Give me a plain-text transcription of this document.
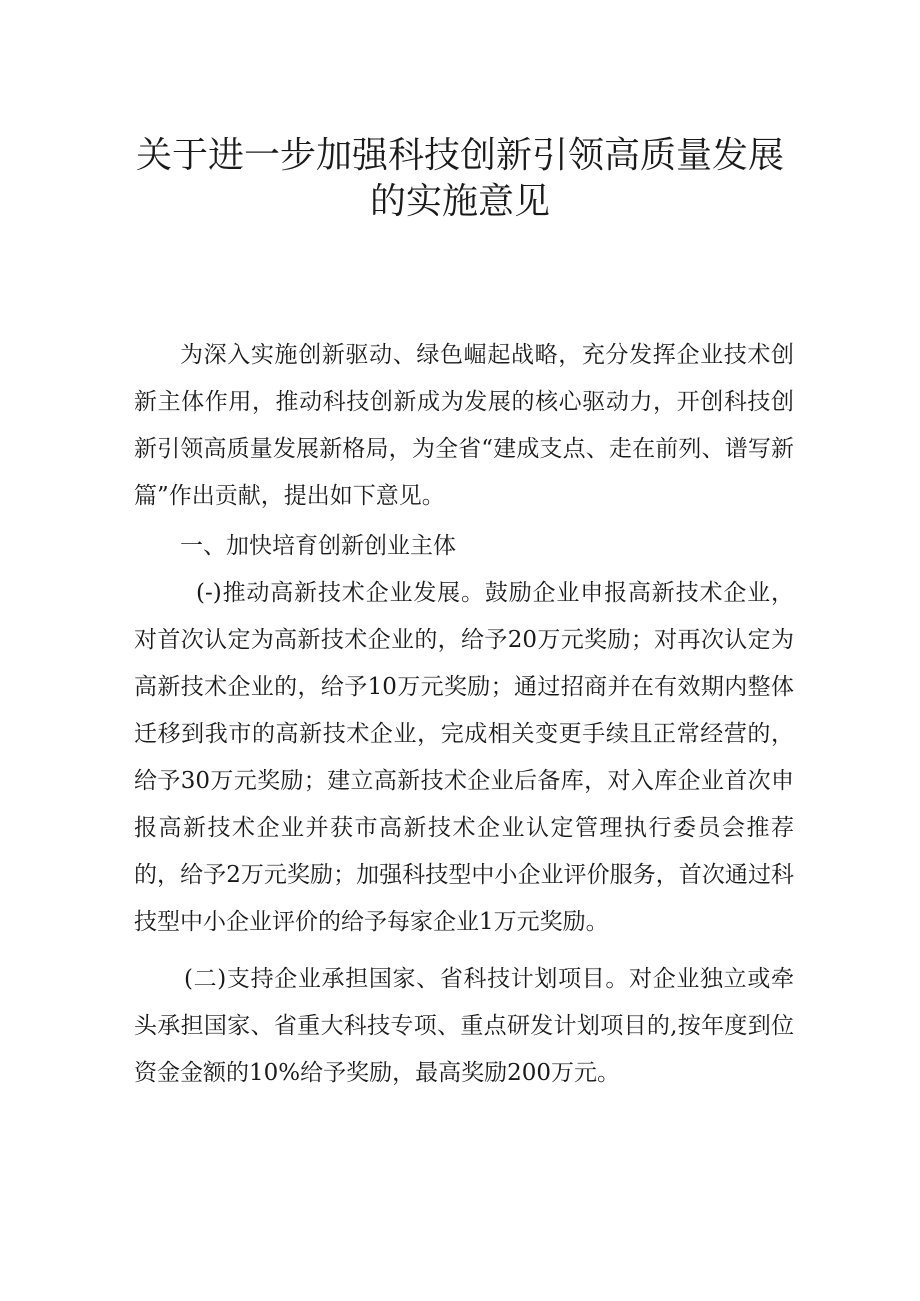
关于进一步加强科技创新引领高质量发展
的实施意见

为深入实施创新驱动、绿色崛起战略，充分发挥企业技术创新主体作用，推动科技创新成为发展的核心驱动力，开创科技创新引领高质量发展新格局，为全省“建成支点、走在前列、谱写新篇”作出贡献，提出如下意见。

一、加快培育创新创业主体

(-)推动高新技术企业发展。鼓励企业申报高新技术企业，对首次认定为高新技术企业的，给予20万元奖励；对再次认定为高新技术企业的，给予10万元奖励；通过招商并在有效期内整体迁移到我市的高新技术企业，完成相关变更手续且正常经营的，给予30万元奖励；建立高新技术企业后备库，对入库企业首次申报高新技术企业并获市高新技术企业认定管理执行委员会推荐的，给予2万元奖励；加强科技型中小企业评价服务，首次通过科技型中小企业评价的给予每家企业1万元奖励。

(二)支持企业承担国家、省科技计划项目。对企业独立或牵头承担国家、省重大科技专项、重点研发计划项目的,按年度到位资金金额的10%给予奖励，最高奖励200万元。
